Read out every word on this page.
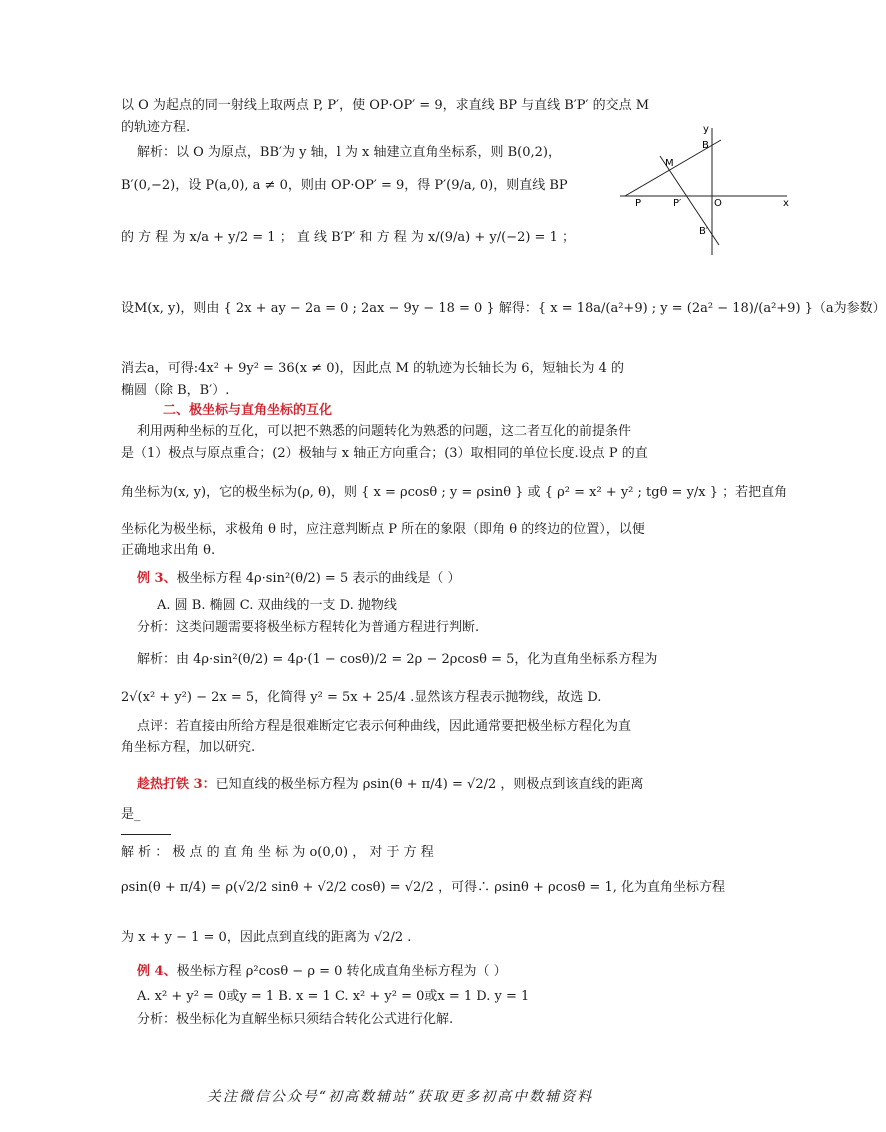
以 O 为起点的同一射线上取两点 P, P′，使 OP·OP′ = 9，求直线 BP 与直线 B′P′ 的交点 M
的轨迹方程.
解析：以 O 为原点，BB′为 y 轴，l 为 x 轴建立直角坐标系，则 B(0,2)，
B′(0,−2)，设 P(a,0), a ≠ 0，则由 OP·OP′ = 9，得 P′(9/a, 0)，则直线 BP
的 方 程 为 x/a + y/2 = 1 ； 直 线 B′P′ 和 方 程 为 x/(9/a) + y/(−2) = 1 ；
设M(x, y)，则由 { 2x + ay − 2a = 0 ; 2ax − 9y − 18 = 0 } 解得：{ x = 18a/(a²+9) ; y = (2a² − 18)/(a²+9) }（a为参数）
消去a，可得:4x² + 9y² = 36(x ≠ 0)，因此点 M 的轨迹为长轴长为 6，短轴长为 4 的
椭圆（除 B，B′）.
二、极坐标与直角坐标的互化
利用两种坐标的互化，可以把不熟悉的问题转化为熟悉的问题，这二者互化的前提条件
是（1）极点与原点重合；(2）极轴与 x 轴正方向重合；(3）取相同的单位长度.设点 P 的直
角坐标为(x, y)，它的极坐标为(ρ, θ)，则 { x = ρcosθ ; y = ρsinθ } 或 { ρ² = x² + y² ; tgθ = y/x } ；若把直角
坐标化为极坐标，求极角 θ 时，应注意判断点 P 所在的象限（即角 θ 的终边的位置），以便
正确地求出角 θ.
例 3、极坐标方程 4ρ·sin²(θ/2) = 5 表示的曲线是（ ）
A. 圆 B. 椭圆 C. 双曲线的一支 D. 抛物线
分析：这类问题需要将极坐标方程转化为普通方程进行判断.
解析：由 4ρ·sin²(θ/2) = 4ρ·(1 − cosθ)/2 = 2ρ − 2ρcosθ = 5，化为直角坐标系方程为
2√(x² + y²) − 2x = 5，化简得 y² = 5x + 25/4 .显然该方程表示抛物线，故选 D.
点评：若直接由所给方程是很难断定它表示何种曲线，因此通常要把极坐标方程化为直
角坐标方程，加以研究.
趁热打铁 3：已知直线的极坐标方程为 ρsin(θ + π/4) = √2/2 ，则极点到该直线的距离
是_
解 析 ： 极 点 的 直 角 坐 标 为 o(0,0) ， 对 于 方 程
ρsin(θ + π/4) = ρ(√2/2 sinθ + √2/2 cosθ) = √2/2 ，可得∴ ρsinθ + ρcosθ = 1, 化为直角坐标方程
为 x + y − 1 = 0，因此点到直线的距离为 √2/2 .
例 4、极坐标方程 ρ²cosθ − ρ = 0 转化成直角坐标方程为（ ）
A. x² + y² = 0或y = 1 B. x = 1 C. x² + y² = 0或x = 1 D. y = 1
分析：极坐标化为直解坐标只须结合转化公式进行化解.
y
B
M
P	P′	O	x
B′
关注微信公众号“初高数辅站”获取更多初高中数辅资料
